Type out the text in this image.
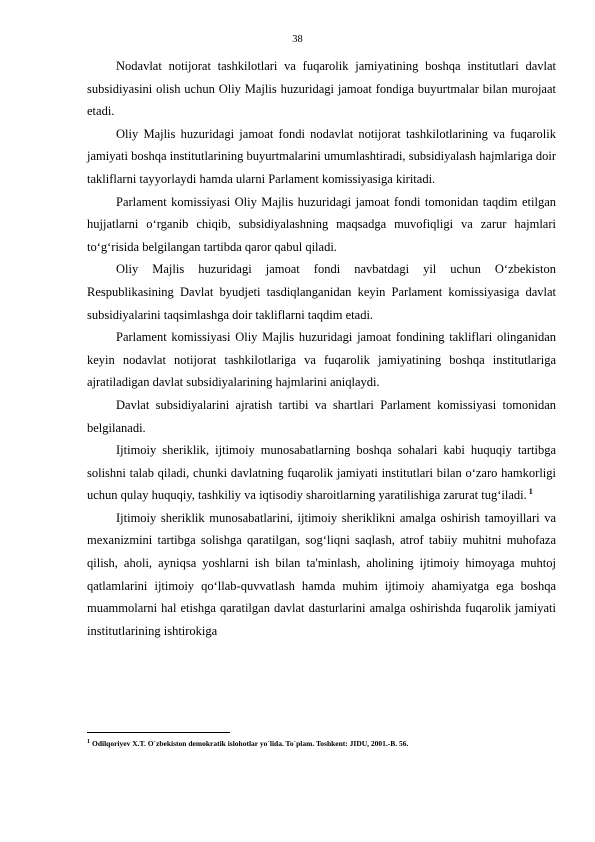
38

Nodavlat notijorat tashkilotlari va fuqarolik jamiyatining boshqa institutlari davlat subsidiyasini olish uchun Oliy Majlis huzuridagi jamoat fondiga buyurtmalar bilan murojaat etadi.

Oliy Majlis huzuridagi jamoat fondi nodavlat notijorat tashkilotlarining va fuqarolik jamiyati boshqa institutlarining buyurtmalarini umumlashtiradi, subsidiyalash hajmlariga doir takliflarni tayyorlaydi hamda ularni Parlament komissiyasiga kiritadi.

Parlament komissiyasi Oliy Majlis huzuridagi jamoat fondi tomonidan taqdim etilgan hujjatlarni o‘rganib chiqib, subsidiyalashning maqsadga muvofiqligi va zarur hajmlari to‘g‘risida belgilangan tartibda qaror qabul qiladi.

Oliy Majlis huzuridagi jamoat fondi navbatdagi yil uchun O‘zbekiston Respublikasining Davlat byudjeti tasdiqlanganidan keyin Parlament komissiyasiga davlat subsidiyalarini taqsimlashga doir takliflarni taqdim etadi.

Parlament komissiyasi Oliy Majlis huzuridagi jamoat fondining takliflari olinganidan keyin nodavlat notijorat tashkilotlariga va fuqarolik jamiyatining boshqa institutlariga ajratiladigan davlat subsidiyalarining hajmlarini aniqlaydi.

Davlat subsidiyalarini ajratish tartibi va shartlari Parlament komissiyasi tomonidan belgilanadi.

Ijtimoiy sheriklik, ijtimoiy munosabatlarning boshqa sohalari kabi huquqiy tartibga solishni talab qiladi, chunki davlatning fuqarolik jamiyati institutlari bilan o‘zaro hamkorligi uchun qulay huquqiy, tashkiliy va iqtisodiy sharoitlarning yaratilishiga zarurat tug‘iladi. $^1$

Ijtimoiy sheriklik munosabatlarini, ijtimoiy sheriklikni amalga oshirish tamoyillari va mexanizmini tartibga solishga qaratilgan, sog‘liqni saqlash, atrof tabiiy muhitni muhofaza qilish, aholi, ayniqsa yoshlarni ish bilan ta'minlash, aholining ijtimoiy himoyaga muhtoj qatlamlarini ijtimoiy qo‘llab-quvvatlash hamda muhim ijtimoiy ahamiyatga ega boshqa muammolarni hal etishga qaratilgan davlat dasturlarini amalga oshirishda fuqarolik jamiyati institutlarining ishtirokiga

$^1$ Odilqoriyev X.T. O`zbekiston demokratik islohotlar yo`lida. To`plam. Toshkent: JIDU, 2001.-B. 56.
